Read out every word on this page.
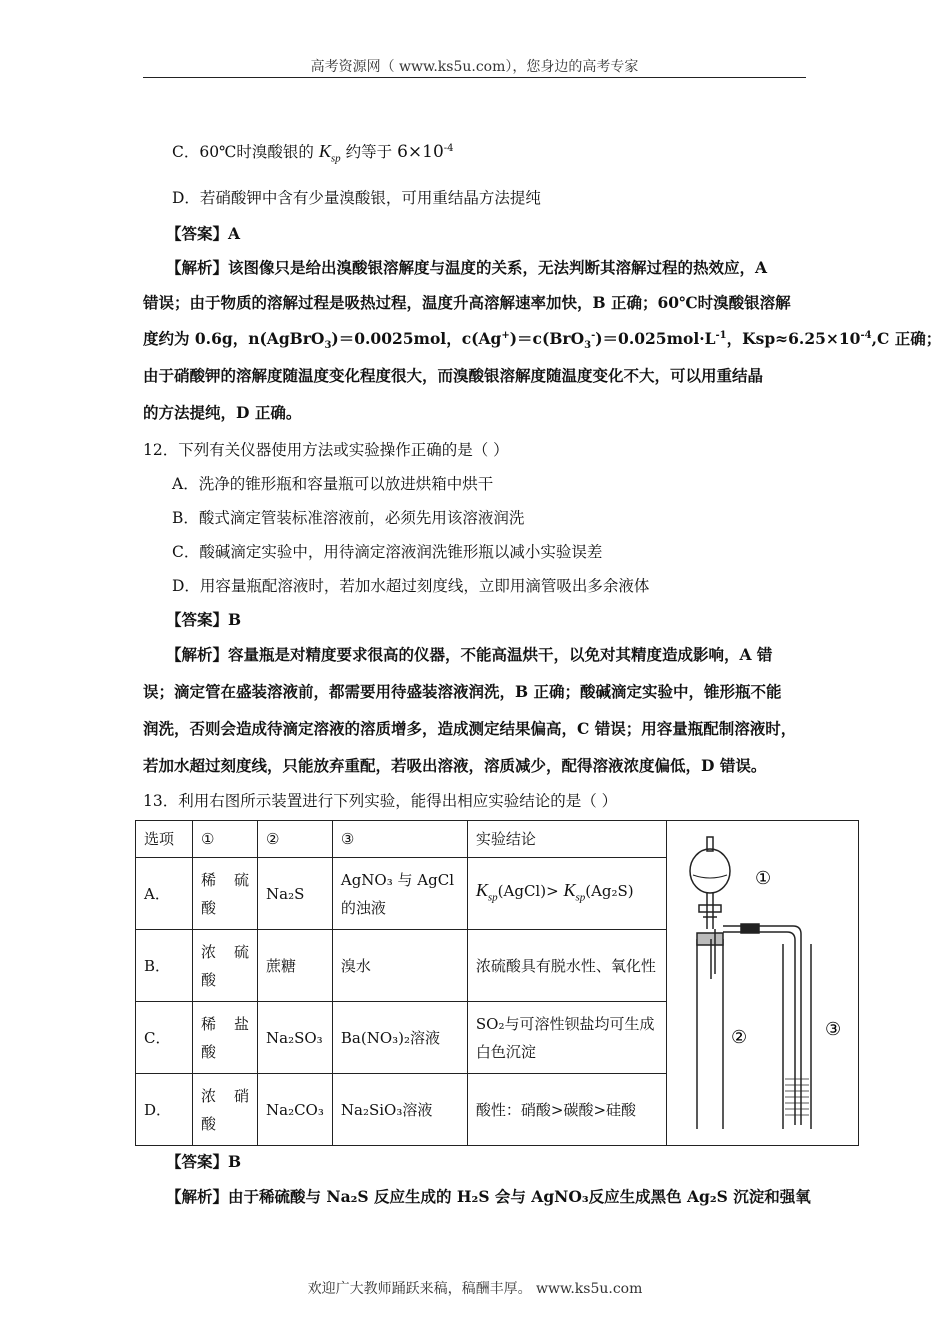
高考资源网（ www.ks5u.com），您身边的高考专家
C．60℃时溴酸银的 $K_{sp}$ 约等于 $6\times 10^{-4}$
D．若硝酸钾中含有少量溴酸银，可用重结晶方法提纯
【答案】A
【解析】该图像只是给出溴酸银溶解度与温度的关系，无法判断其溶解过程的热效应，A
错误；由于物质的溶解过程是吸热过程，温度升高溶解速率加快，B 正确；60℃时溴酸银溶解
度约为 0.6g，n(AgBrO$_3$)＝0.0025mol，$c(Ag^+)=c(BrO_3^-)=0.025mol\cdot L^{-1}$，$Ksp\approx 6.25\times 10^{-4},C$ 正确；
由于硝酸钾的溶解度随温度变化程度很大，而溴酸银溶解度随温度变化不大，可以用重结晶
的方法提纯，D 正确。
12．下列有关仪器使用方法或实验操作正确的是（ ）
A．洗净的锥形瓶和容量瓶可以放进烘箱中烘干
B．酸式滴定管装标准溶液前，必须先用该溶液润洗
C．酸碱滴定实验中，用待滴定溶液润洗锥形瓶以减小实验误差
D．用容量瓶配溶液时，若加水超过刻度线，立即用滴管吸出多余液体
【答案】B
【解析】容量瓶是对精度要求很高的仪器，不能高温烘干，以免对其精度造成影响，A 错
误；滴定管在盛装溶液前，都需要用待盛装溶液润洗，B 正确；酸碱滴定实验中，锥形瓶不能
润洗，否则会造成待滴定溶液的溶质增多，造成测定结果偏高，C 错误；用容量瓶配制溶液时，
若加水超过刻度线，只能放弃重配，若吸出溶液，溶质减少，配得溶液浓度偏低，D 错误。
13．利用右图所示装置进行下列实验，能得出相应实验结论的是（ ）
选项	①	②	③	实验结论	①
② ③

A．	稀 硫
酸	Na₂S	AgNO₃ 与 AgCl 的浊液	$K_{sp}(AgCl)> K_{sp}(Ag_2S)$	
B．	浓 硫
酸	蔗糖	溴水	浓硫酸具有脱水性、氧化性	
C．	稀 盐
酸	Na₂SO₃	Ba(NO₃)₂溶液	SO₂与可溶性钡盐均可生成白色沉淀	
D．	浓 硝
酸	Na₂CO₃	Na₂SiO₃溶液	酸性：硝酸>碳酸>硅酸	
【答案】B
【解析】由于稀硫酸与 Na₂S 反应生成的 H₂S 会与 AgNO₃反应生成黑色 Ag₂S 沉淀和强氧
欢迎广大教师踊跃来稿，稿酬丰厚。 www.ks5u.com
